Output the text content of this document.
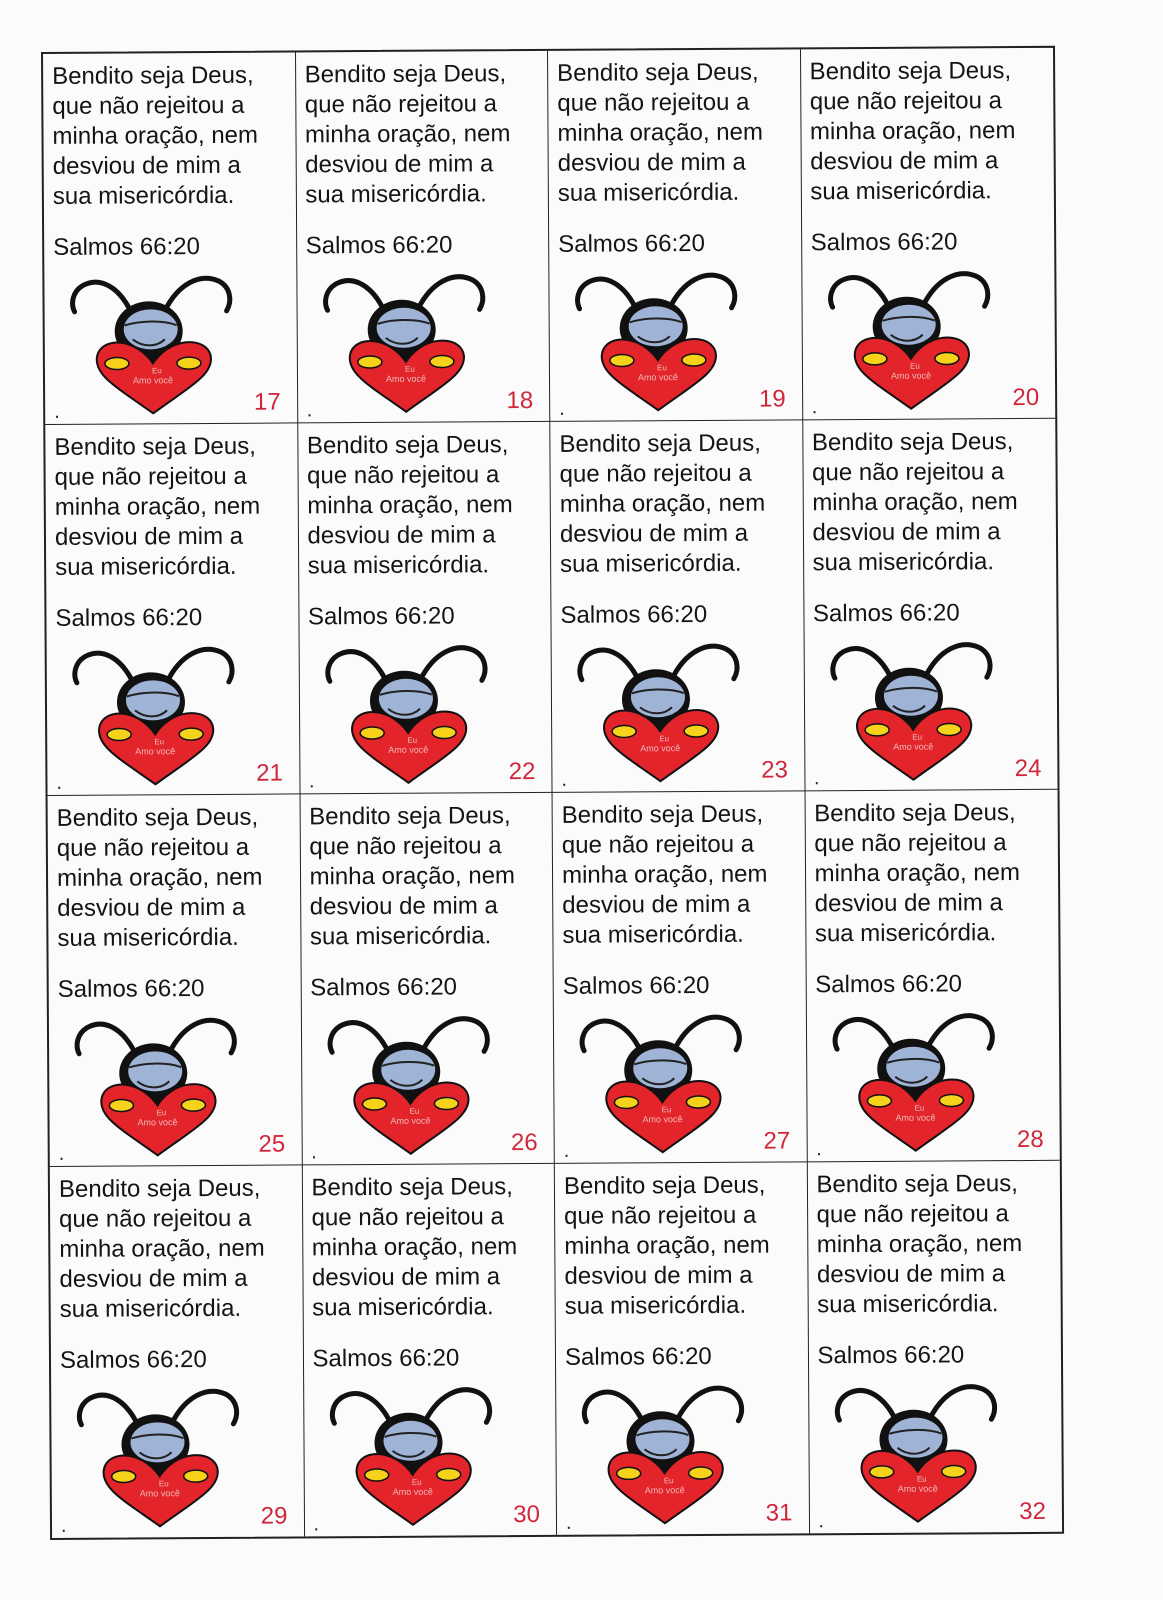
Bendito seja Deus,
que não rejeitou a
minha oração, nem
desviou de mim a
sua misericórdia.
Salmos 66:20
Eu
Amo você
.	17
Bendito seja Deus,
que não rejeitou a
minha oração, nem
desviou de mim a
sua misericórdia.
Salmos 66:20
Eu
Amo você
.	18
Bendito seja Deus,
que não rejeitou a
minha oração, nem
desviou de mim a
sua misericórdia.
Salmos 66:20
Eu
Amo você
.	19
Bendito seja Deus,
que não rejeitou a
minha oração, nem
desviou de mim a
sua misericórdia.
Salmos 66:20
Eu
Amo você
.	20
Bendito seja Deus,
que não rejeitou a
minha oração, nem
desviou de mim a
sua misericórdia.
Salmos 66:20
Eu
Amo você
.	21
Bendito seja Deus,
que não rejeitou a
minha oração, nem
desviou de mim a
sua misericórdia.
Salmos 66:20
Eu
Amo você
.	22
Bendito seja Deus,
que não rejeitou a
minha oração, nem
desviou de mim a
sua misericórdia.
Salmos 66:20
Eu
Amo você
.	23
Bendito seja Deus,
que não rejeitou a
minha oração, nem
desviou de mim a
sua misericórdia.
Salmos 66:20
Eu
Amo você
.	24
Bendito seja Deus,
que não rejeitou a
minha oração, nem
desviou de mim a
sua misericórdia.
Salmos 66:20
Eu
Amo você
.	25
Bendito seja Deus,
que não rejeitou a
minha oração, nem
desviou de mim a
sua misericórdia.
Salmos 66:20
Eu
Amo você
.	26
Bendito seja Deus,
que não rejeitou a
minha oração, nem
desviou de mim a
sua misericórdia.
Salmos 66:20
Eu
Amo você
.	27
Bendito seja Deus,
que não rejeitou a
minha oração, nem
desviou de mim a
sua misericórdia.
Salmos 66:20
Eu
Amo você
.	28
Bendito seja Deus,
que não rejeitou a
minha oração, nem
desviou de mim a
sua misericórdia.
Salmos 66:20
Eu
Amo você
.	29
Bendito seja Deus,
que não rejeitou a
minha oração, nem
desviou de mim a
sua misericórdia.
Salmos 66:20
Eu
Amo você
.	30
Bendito seja Deus,
que não rejeitou a
minha oração, nem
desviou de mim a
sua misericórdia.
Salmos 66:20
Eu
Amo você
.	31
Bendito seja Deus,
que não rejeitou a
minha oração, nem
desviou de mim a
sua misericórdia.
Salmos 66:20
Eu
Amo você
.	32
